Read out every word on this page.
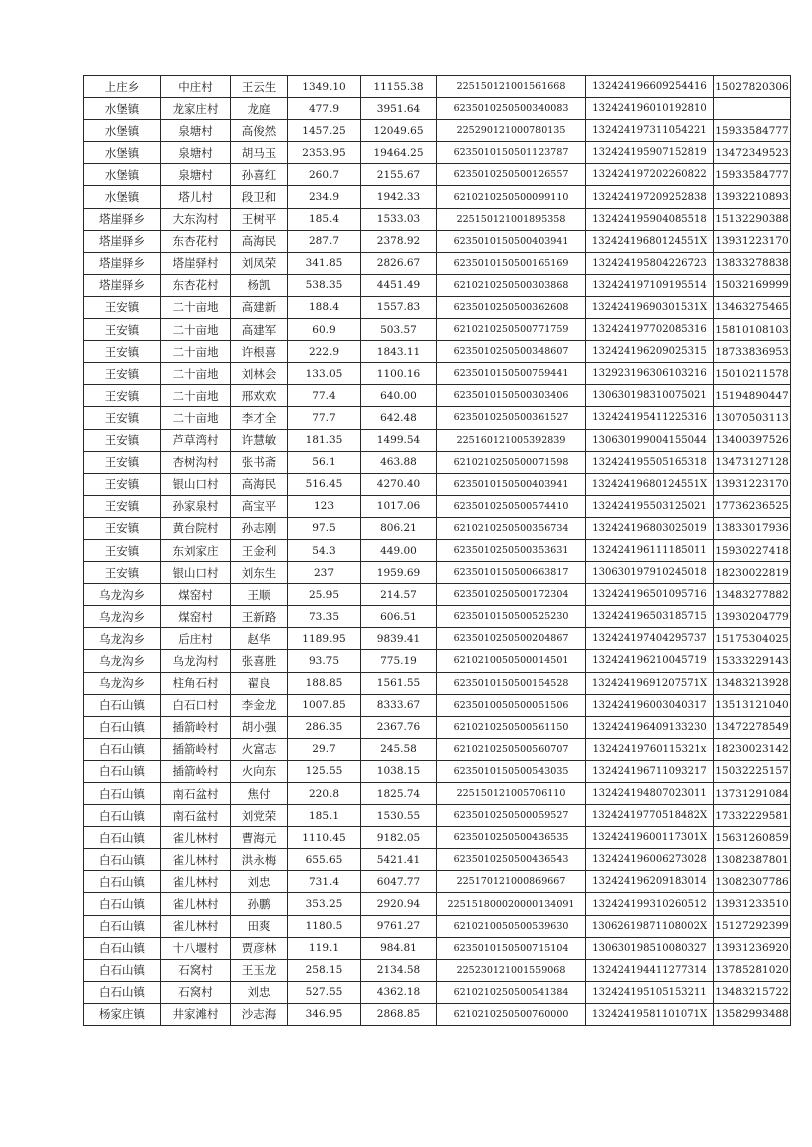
上庄乡	中庄村	王云生	1349.10	11155.38	225150121001561668	132424196609254416	15027820306
水堡镇	龙家庄村	龙庭	477.9	3951.64	6235010250500340083	132424196010192810	
水堡镇	泉塘村	高俊然	1457.25	12049.65	225290121000780135	132424197311054221	15933584777
水堡镇	泉塘村	胡马玉	2353.95	19464.25	6235010150501123787	132424195907152819	13472349523
水堡镇	泉塘村	孙喜红	260.7	2155.67	6235010250500126557	132424197202260822	15933584777
水堡镇	塔儿村	段卫和	234.9	1942.33	6210210250500099110	132424197209252838	13932210893
塔崖驿乡	大东沟村	王树平	185.4	1533.03	225150121001895358	132424195904085518	15132290388
塔崖驿乡	东杏花村	高海民	287.7	2378.92	6235010150500403941	13242419680124551X	13931223170
塔崖驿乡	塔崖驿村	刘凤荣	341.85	2826.67	6235010150500165169	132424195804226723	13833278838
塔崖驿乡	东杏花村	杨凯	538.35	4451.49	6210210250500303868	132424197109195514	15032169999
王安镇	二十亩地	高建新	188.4	1557.83	6235010250500362608	13242419690301531X	13463275465
王安镇	二十亩地	高建军	60.9	503.57	6210210250500771759	132424197702085316	15810108103
王安镇	二十亩地	许根喜	222.9	1843.11	6235010250500348607	132424196209025315	18733836953
王安镇	二十亩地	刘林会	133.05	1100.16	6235010150500759441	132923196306103216	15010211578
王安镇	二十亩地	邢欢欢	77.4	640.00	6235010150500303406	130630198310075021	15194890447
王安镇	二十亩地	李才全	77.7	642.48	6235010250500361527	132424195411225316	13070503113
王安镇	芦草湾村	许慧敏	181.35	1499.54	225160121005392839	130630199004155044	13400397526
王安镇	杏树沟村	张书斋	56.1	463.88	6210210250500071598	132424195505165318	13473127128
王安镇	银山口村	高海民	516.45	4270.40	6235010150500403941	13242419680124551X	13931223170
王安镇	孙家泉村	高宝平	123	1017.06	6235010250500574410	132424195503125021	17736236525
王安镇	黄台院村	孙志刚	97.5	806.21	6210210250500356734	132424196803025019	13833017936
王安镇	东刘家庄	王金利	54.3	449.00	6235010250500353631	132424196111185011	15930227418
王安镇	银山口村	刘东生	237	1959.69	6235010150500663817	130630197910245018	18230022819
乌龙沟乡	煤窑村	王顺	25.95	214.57	6235010250500172304	132424196501095716	13483277882
乌龙沟乡	煤窑村	王新路	73.35	606.51	6235010150500525230	132424196503185715	13930204779
乌龙沟乡	后庄村	赵华	1189.95	9839.41	6235010250500204867	132424197404295737	15175304025
乌龙沟乡	乌龙沟村	张喜胜	93.75	775.19	6210210050500014501	132424196210045719	15333229143
乌龙沟乡	柱角石村	翟良	188.85	1561.55	6235010150500154528	13242419691207571X	13483213928
白石山镇	白石口村	李金龙	1007.85	8333.67	6235010050500051506	132424196003040317	13513121040
白石山镇	插箭岭村	胡小强	286.35	2367.76	6210210250500561150	132424196409133230	13472278549
白石山镇	插箭岭村	火富志	29.7	245.58	6210210250500560707	13242419760115321x	18230023142
白石山镇	插箭岭村	火向东	125.55	1038.15	6235010150500543035	132424196711093217	15032225157
白石山镇	南石盆村	焦付	220.8	1825.74	225150121005706110	132424194807023011	13731291084
白石山镇	南石盆村	刘党荣	185.1	1530.55	6235010250500059527	13242419770518482X	17332229581
白石山镇	雀儿林村	曹海元	1110.45	9182.05	6235010250500436535	13242419600117301X	15631260859
白石山镇	雀儿林村	洪永梅	655.65	5421.41	6235010250500436543	132424196006273028	13082387801
白石山镇	雀儿林村	刘忠	731.4	6047.77	225170121000869667	132424196209183014	13082307786
白石山镇	雀儿林村	孙鹏	353.25	2920.94	225151800020000134091	132424199310260512	13931233510
白石山镇	雀儿林村	田爽	1180.5	9761.27	6210210050500539630	13062619871108002X	15127292399
白石山镇	十八堰村	贾彦林	119.1	984.81	6235010150500715104	130630198510080327	13931236920
白石山镇	石窝村	王玉龙	258.15	2134.58	225230121001559068	132424194411277314	13785281020
白石山镇	石窝村	刘忠	527.55	4362.18	6210210250500541384	132424195105153211	13483215722
杨家庄镇	井家滩村	沙志海	346.95	2868.85	6210210250500760000	13242419581101071X	13582993488
